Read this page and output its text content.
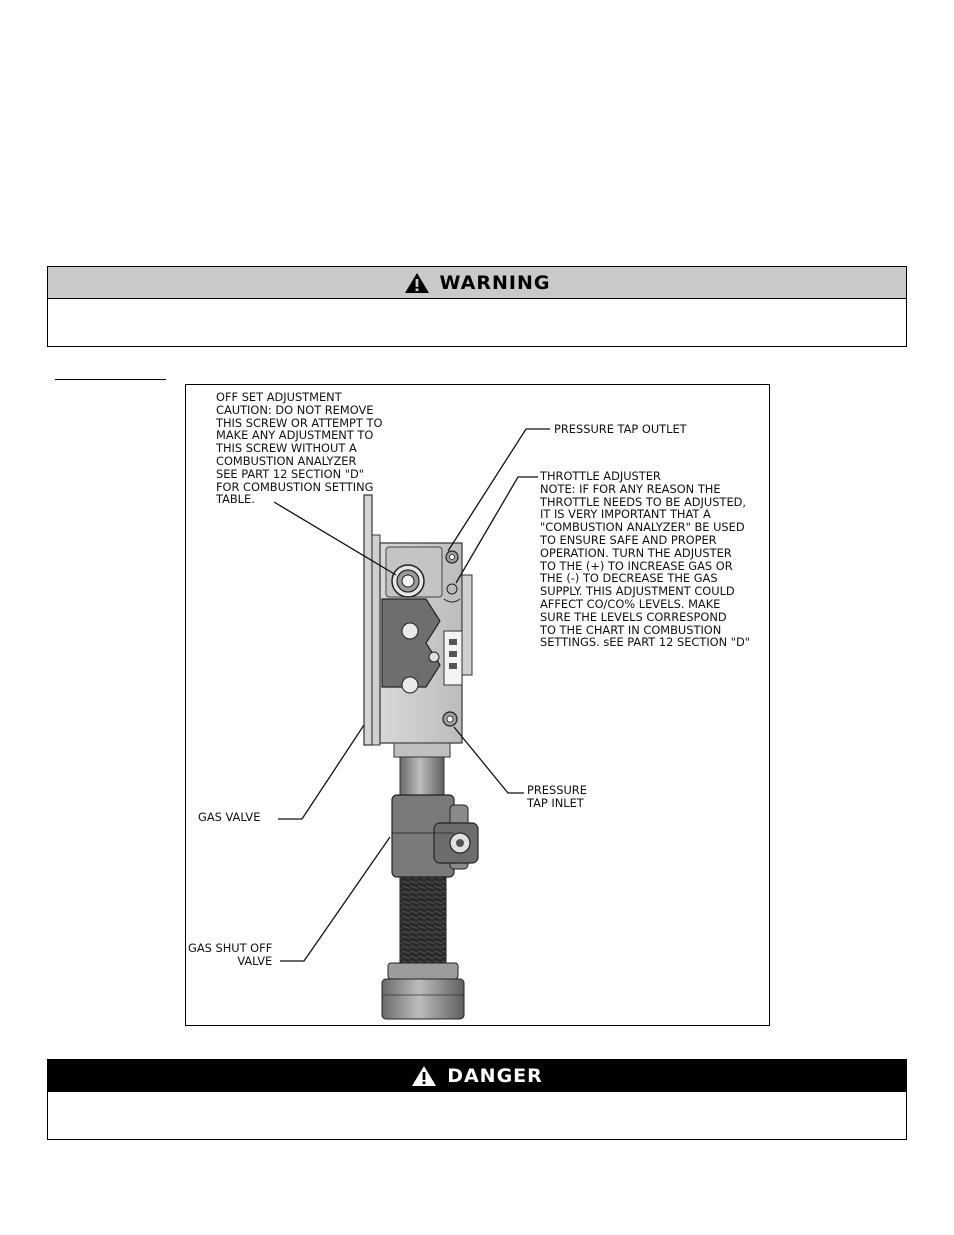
WARNING
OFF SET ADJUSTMENT
CAUTION: DO NOT REMOVE
THIS SCREW OR ATTEMPT TO
MAKE ANY ADJUSTMENT TO
THIS SCREW WITHOUT A
COMBUSTION ANALYZER
SEE PART 12 SECTION "D"
FOR COMBUSTION SETTING
TABLE.
PRESSURE TAP OUTLET
THROTTLE ADJUSTER
NOTE: IF FOR ANY REASON THE
THROTTLE NEEDS TO BE ADJUSTED,
IT IS VERY IMPORTANT THAT A
"COMBUSTION ANALYZER" BE USED
TO ENSURE SAFE AND PROPER
OPERATION. TURN THE ADJUSTER
TO THE (+) TO INCREASE GAS OR
THE (-) TO DECREASE THE GAS
SUPPLY. THIS ADJUSTMENT COULD
AFFECT CO/CO% LEVELS. MAKE
SURE THE LEVELS CORRESPOND
TO THE CHART IN COMBUSTION
SETTINGS. sEE PART 12 SECTION "D"
PRESSURE
TAP INLET
GAS VALVE
GAS SHUT OFF
VALVE
DANGER
